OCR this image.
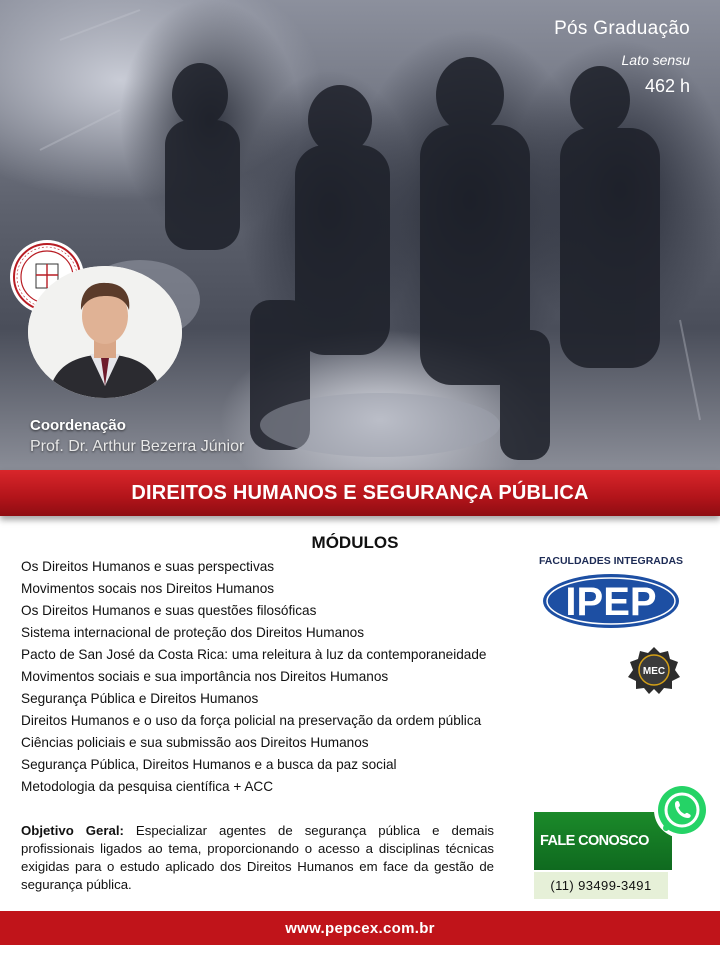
Pós Graduação
Lato sensu
462 h
Coordenação
Prof. Dr. Arthur Bezerra Júnior
DIREITOS HUMANOS E SEGURANÇA PÚBLICA
MÓDULOS
Os Direitos Humanos e suas perspectivas
Movimentos socais nos Direitos Humanos
Os Direitos Humanos e suas questões filosóficas
Sistema internacional de proteção dos Direitos Humanos
Pacto de San José da Costa Rica: uma releitura à luz da contemporaneidade
Movimentos sociais e sua importância nos Direitos Humanos
Segurança Pública e Direitos Humanos
Direitos Humanos e o uso da força policial na preservação da ordem pública
Ciências policiais e sua submissão aos Direitos Humanos
Segurança Pública, Direitos Humanos e a busca da paz social
Metodologia da pesquisa científica + ACC
FACULDADES INTEGRADAS
IPEP
MEC
Objetivo Geral: Especializar agentes de segurança pública e demais profissionais ligados ao tema, proporcionando o acesso a disciplinas técnicas exigidas para o estudo aplicado dos Direitos Humanos em face da gestão de segurança pública.
FALE CONOSCO
(11) 93499-3491
www.pepcex.com.br
